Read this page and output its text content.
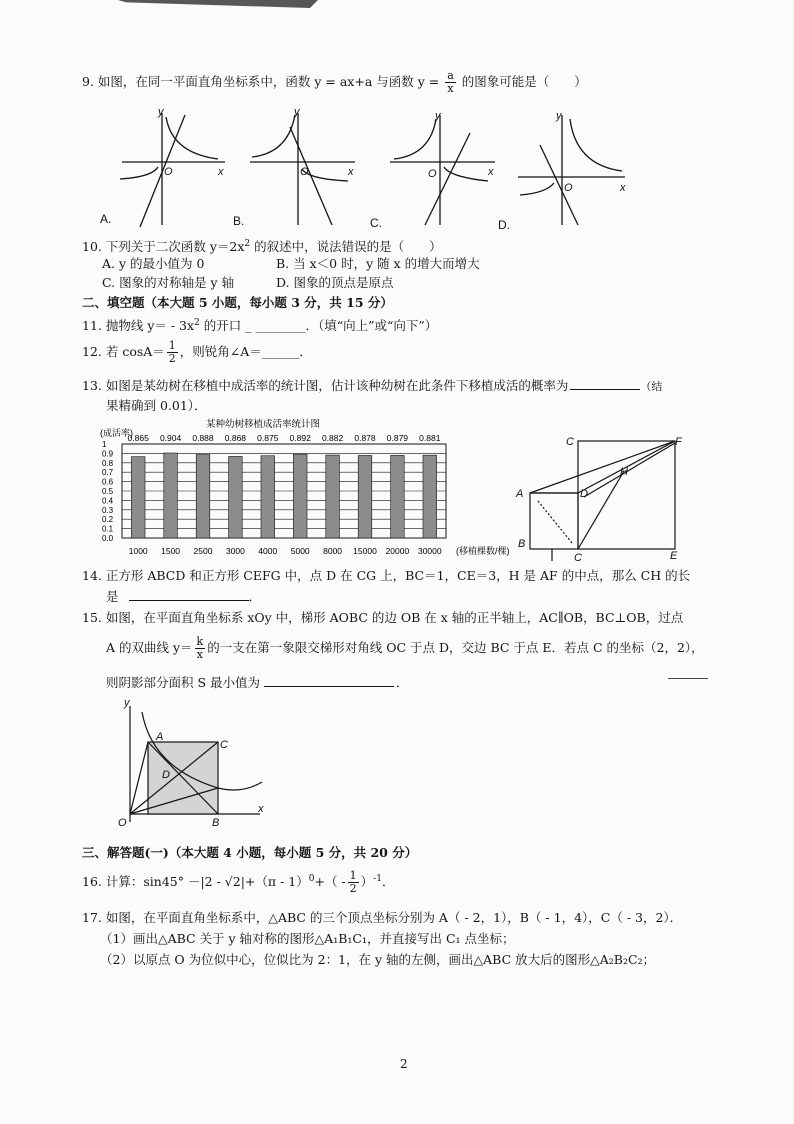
9. 如图，在同一平面直角坐标系中，函数 y = ax+a 与函数 $y = \frac{a}{x}$ 的图象可能是（　　）
y
x
O
y
x
O
y
x
O
y
x
O
A.	B.	C.	D.
10. 下列关于二次函数 $y=2x^2$ 的叙述中，说法错误的是（　　）
A. y 的最小值为 0	B. 当 x＜0 时，y 随 x 的增大而增大
C. 图象的对称轴是 y 轴	D. 图象的顶点是原点
二、填空题（本大题 5 小题，每小题 3 分，共 15 分）
11. 抛物线 $y= - 3x^2$ 的开口 _ ________．（填“向上”或“向下”）
12. 若 $\cos A= \frac{1}{2}$ ，则锐角∠A＝______．
13. 如图是某幼树在移植中成活率的统计图，估计该种幼树在此条件下移植成活的概率为	（结
果精确到 0.01）．
某种幼树移植成活率统计图
(成活率)
0.865 0.904 0.888 0.868 0.875 0.892 0.882 0.878 0.879 0.881
1
0.9
0.8
0.7
0.6
0.5
0.4
0.3
0.2
0.1
0.0
1000 1500 2500 3000 4000 5000 8000 15000 20000 30000 (移植棵数/棵)
C	F
H
A	D
B
C	E
14. 正方形 ABCD 和正方形 CEFG 中，点 D 在 CG 上，BC＝1，CE＝3，H 是 AF 的中点，那么 CH 的长
是	．
15. 如图，在平面直角坐标系 xOy 中，梯形 AOBC 的边 OB 在 x 轴的正半轴上，AC∥OB，BC⊥OB，过点
A 的双曲线 $y= \frac{k}{x}$ 的一支在第一象限交梯形对角线 OC 于点 D，交边 BC 于点 E．若点 C 的坐标（2，2），
则阴影部分面积 S 最小值为	．
y
A
C
D
O	B
x
三、解答题(一)（本大题 4 小题，每小题 5 分，共 20 分）
16. 计算：$\sin 45^\circ -|2 - √2|+(\pi - 1)^0+( - \frac{1}{2} )^{-1}$．
17. 如图，在平面直角坐标系中，△ABC 的三个顶点坐标分别为 A（ - 2，1），B（ - 1，4），C（ - 3，2）．
（1）画出△ABC 关于 y 轴对称的图形△A₁B₁C₁，并直接写出 C₁ 点坐标；
（2）以原点 O 为位似中心，位似比为 2：1，在 y 轴的左侧，画出△ABC 放大后的图形△A₂B₂C₂；
2
